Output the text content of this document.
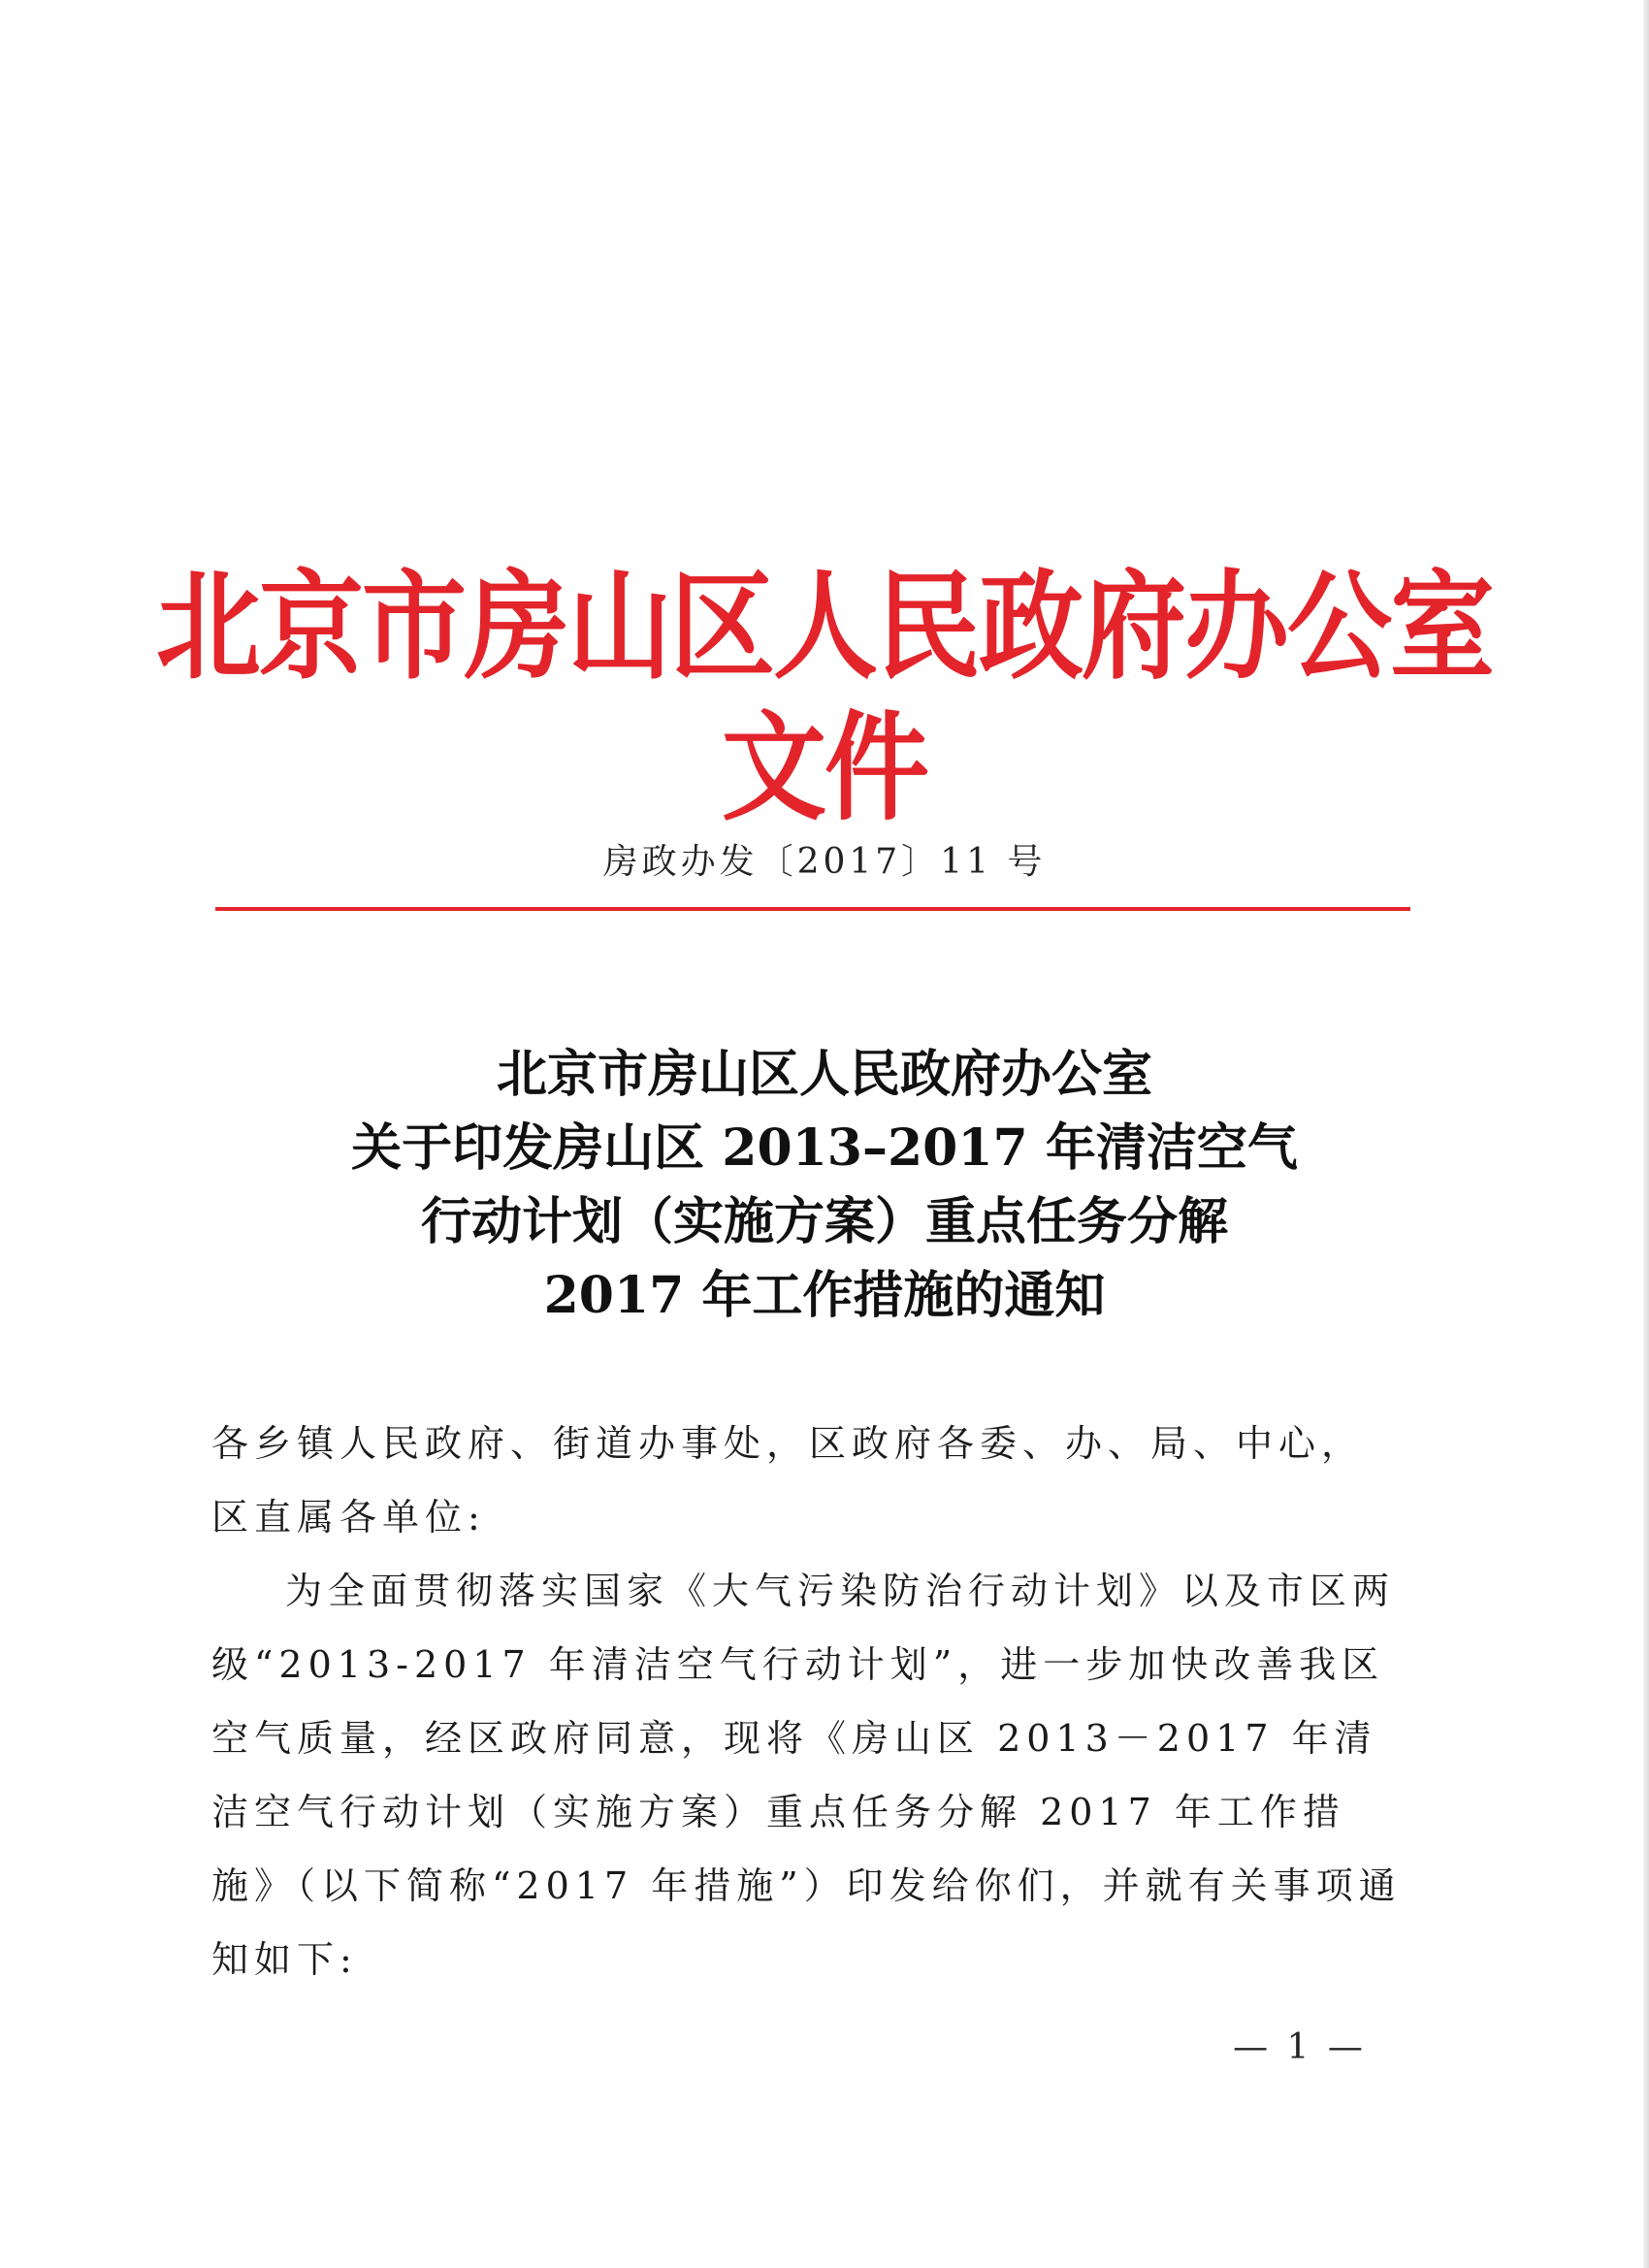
北京市房山区人民政府办公室文件
房政办发〔2017〕11 号
北京市房山区人民政府办公室
关于印发房山区 2013–2017 年清洁空气
行动计划（实施方案）重点任务分解
2017 年工作措施的通知

各乡镇人民政府、街道办事处，区政府各委、办、局、中心，

区直属各单位:

为全面贯彻落实国家《大气污染防治行动计划》以及市区两级“2013-2017 年清洁空气行动计划”，进一步加快改善我区空气质量，经区政府同意，现将《房山区 2013－2017 年清洁空气行动计划（实施方案）重点任务分解 2017 年工作措施》（以下简称“2017 年措施”）印发给你们，并就有关事项通知如下:

— 1 —
